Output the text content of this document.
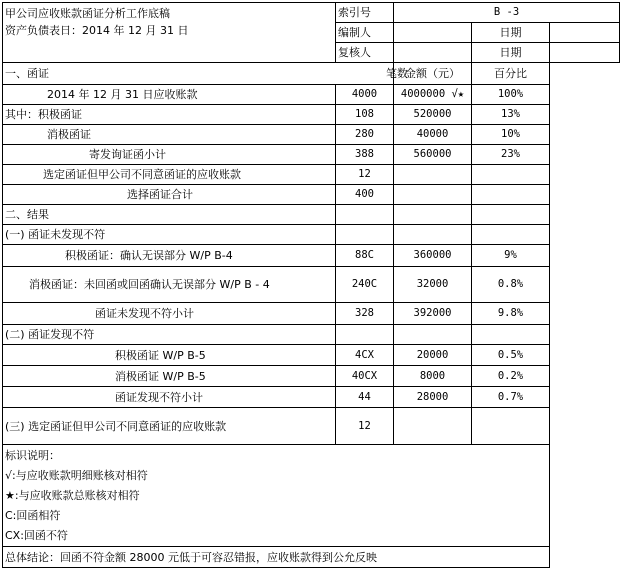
甲公司应收账款函证分析工作底稿
资产负债表日：2014 年 12 月 31 日	索引号	B -3		
	编制人		日期	
	复核人		日期	
一、函证 笔数		金额（元）	百分比
2014 年 12 月 31 日应收账款	4000	4000000 √★	100%
其中：积极函证	108	520000	13%
消极函证	280	40000	10%
寄发询证函小计	388	560000	23%
选定函证但甲公司不同意函证的应收账款	12		
选择函证合计	400		
二、结果			
(一) 函证未发现不符			
积极函证：确认无误部分 W/P B-4	88C	360000	9%
消极函证：未回函或回函确认无误部分 W/P B - 4	240C	32000	0.8%
函证未发现不符小计	328	392000	9.8%
(二) 函证发现不符			
积极函证 W/P B-5	4CX	20000	0.5%
消极函证 W/P B-5	40CX	8000	0.2%
函证发现不符小计	44	28000	0.7%
(三) 选定函证但甲公司不同意函证的应收账款	12		

标识说明：
√:与应收账款明细账核对相符
★:与应收账款总账核对相符
C:回函相符
CX:回函不符				

总体结论：回函不符金额 28000 元低于可容忍错报，应收账款得到公允反映			
